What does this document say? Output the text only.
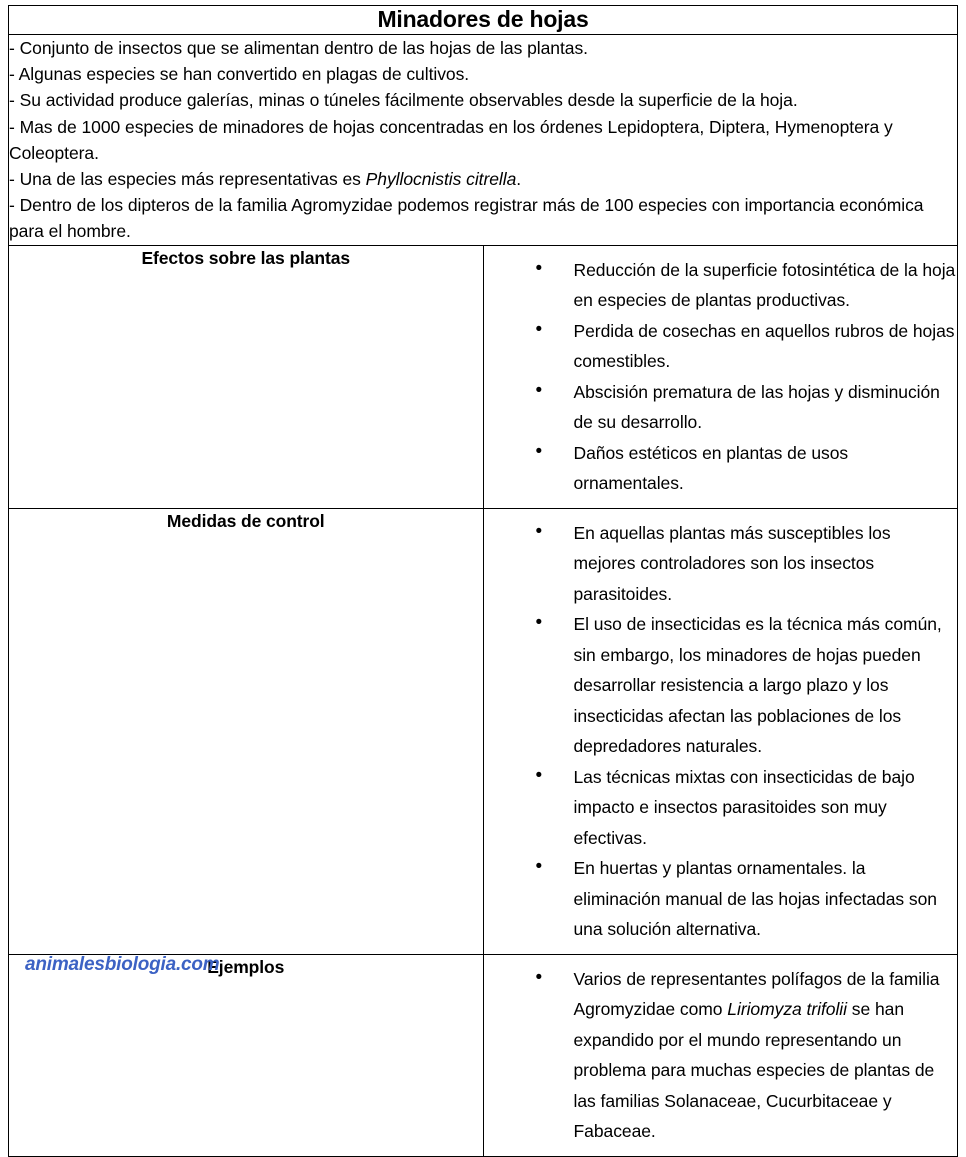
Minadores de hojas	

- Conjunto de insectos que se alimentan dentro de las hojas de las plantas.

- Algunas especies se han convertido en plagas de cultivos.

- Su actividad produce galerías, minas o túneles fácilmente observables desde la superficie de la hoja.

- Mas de 1000 especies de minadores de hojas concentradas en los órdenes Lepidoptera, Diptera, Hymenoptera y Coleoptera.

- Una de las especies más representativas es Phyllocnistis citrella.

- Dentro de los dipteros de la familia Agromyzidae podemos registrar más de 100 especies con importancia económica para el hombre.

Efectos sobre las plantas

• Reducción de la superficie fotosintética de la hoja en especies de plantas productivas.
• Perdida de cosechas en aquellos rubros de hojas comestibles.
• Abscisión prematura de las hojas y disminución de su desarrollo.
• Daños estéticos en plantas de usos ornamentales.

Medidas de control

• En aquellas plantas más susceptibles los mejores controladores son los insectos parasitoides.
• El uso de insecticidas es la técnica más común, sin embargo, los minadores de hojas pueden desarrollar resistencia a largo plazo y los insecticidas afectan las poblaciones de los depredadores naturales.
• Las técnicas mixtas con insecticidas de bajo impacto e insectos parasitoides son muy efectivas.
• En huertas y plantas ornamentales. la eliminación manual de las hojas infectadas son una solución alternativa.

Ejemplos
animalesbiologia.com

• Varios de representantes polífagos de la familia Agromyzidae como Liriomyza trifolii se han expandido por el mundo representando un problema para muchas especies de plantas de las familias Solanaceae, Cucurbitaceae y Fabaceae.
